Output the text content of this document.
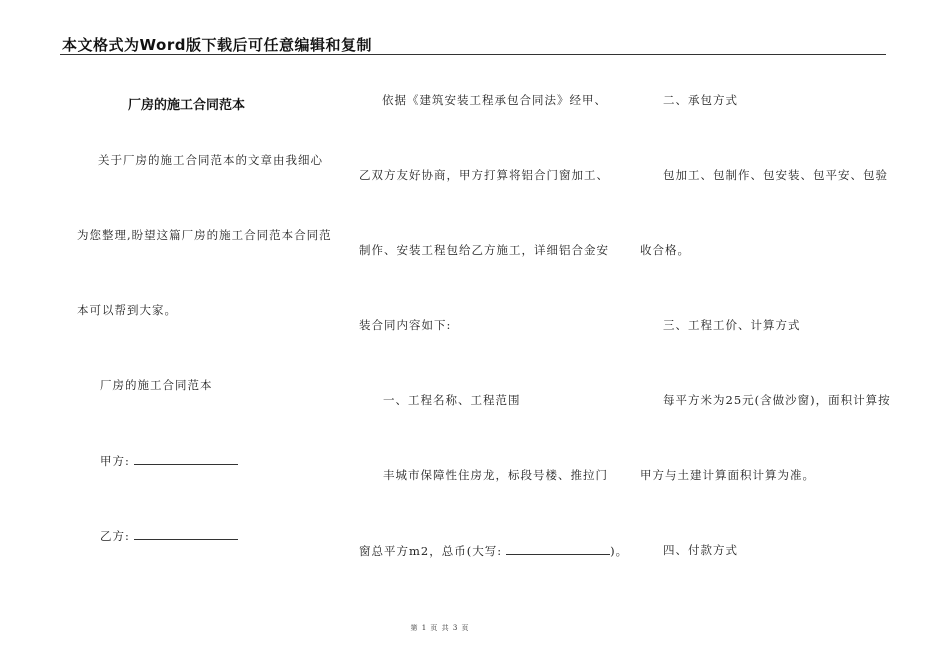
本文格式为Word版下载后可任意编辑和复制
厂房的施工合同范本
关于厂房的施工合同范本的文章由我细心
为您整理,盼望这篇厂房的施工合同范本合同范
本可以帮到大家。
厂房的施工合同范本
甲方:
乙方:
依据《建筑安装工程承包合同法》经甲、
乙双方友好协商，甲方打算将铝合门窗加工、
制作、安装工程包给乙方施工，详细铝合金安
装合同内容如下:
一、工程名称、工程范围
丰城市保障性住房龙，标段号楼、推拉门
窗总平方m2，总币(大写:	)。
二、承包方式
包加工、包制作、包安装、包平安、包验
收合格。
三、工程工价、计算方式
每平方米为25元(含做沙窗)，面积计算按
甲方与土建计算面积计算为准。
四、付款方式
第 1 页 共 3 页
